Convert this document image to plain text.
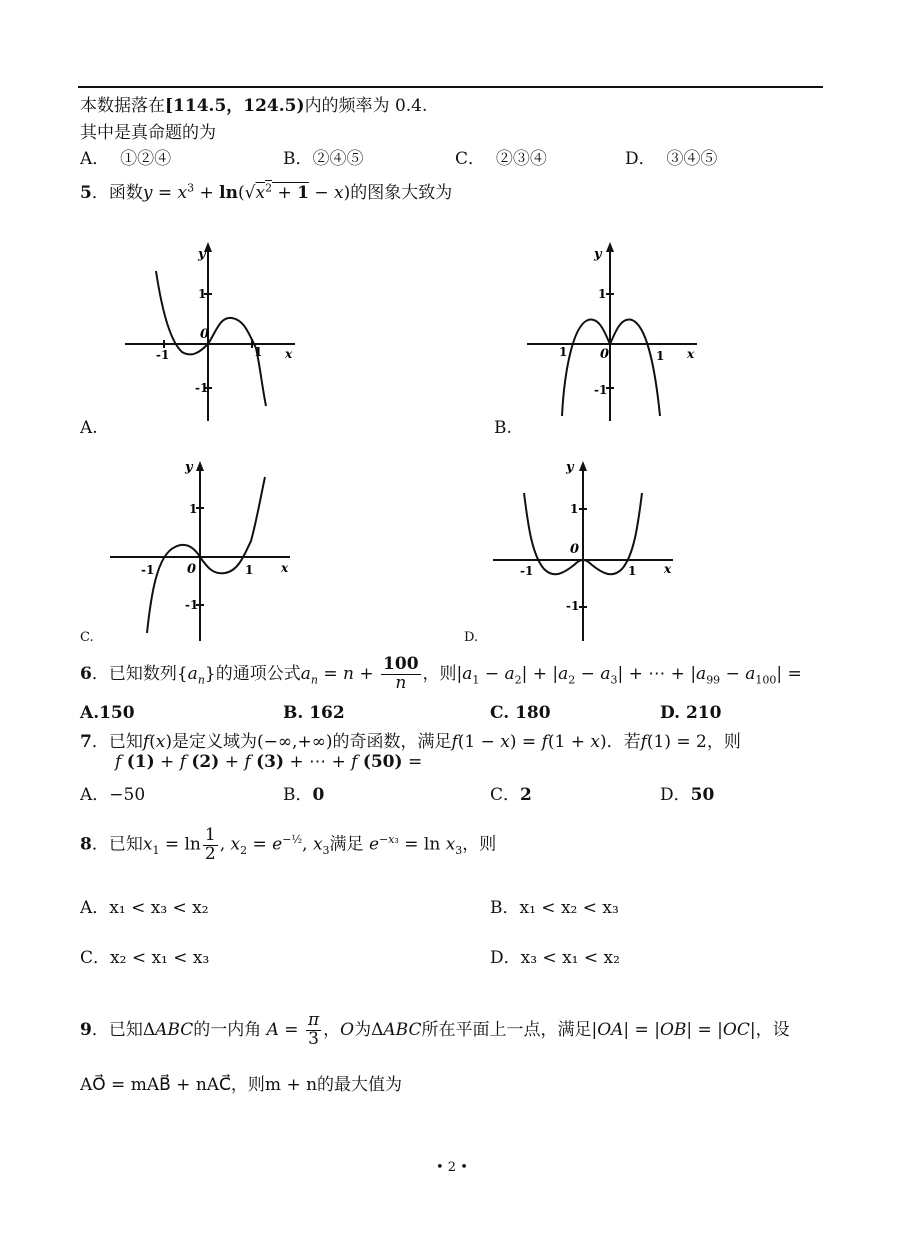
本数据落在[114.5，124.5)内的频率为 0.4.
其中是真命题的为
A．  ①②④	B．②④⑤	C．  ②③④	D．  ③④⑤
5．函数$y = x^3 + \ln(√x^2 + 1 - x)$的图象大致为
y
x
1
-1
0
-1	1
A.
y
x
1
-1
0
1	1
B.
y
x
1
-1
0
-1	1
C.
y
x
1
-1
0
-1	1
D.
6．已知数列$\{a_n\}$的通项公式$a_n = n + \frac{100}{n}$ ，则$|a_1 - a_2| + |a_2 - a_3|$ + ⋯ + $|a_{99} - a_{100}|$ =
A.150	B. 162	C. 180	D. 210
7．已知f(x)是定义域为(−∞,+∞)的奇函数，满足f(1 − x) = f(1 + x)．若f(1) = 2，则
f (1) + f (2) + f (3) + ⋯ + f (50) =
A．−50	B．0	C．2	D．50
8．已知$x_1 = \ln \frac{1}{2}$ , $x_2 = e^{-\frac{1}{2}}$, $x_3$满足 $e^{-x_3} = \ln x_3$，则
A．x₁ < x₃ < x₂	B．x₁ < x₂ < x₃
C．x₂ < x₁ < x₃	D．x₃ < x₁ < x₂
9．已知ΔABC的一内角 $A = \frac{\pi}{3}$ ，O为ΔABC所在平面上一点，满足|OA| = |OB| = |OC|，设
AO⃗ = mAB⃗ + nAC⃗，则m + n的最大值为
• 2 •
